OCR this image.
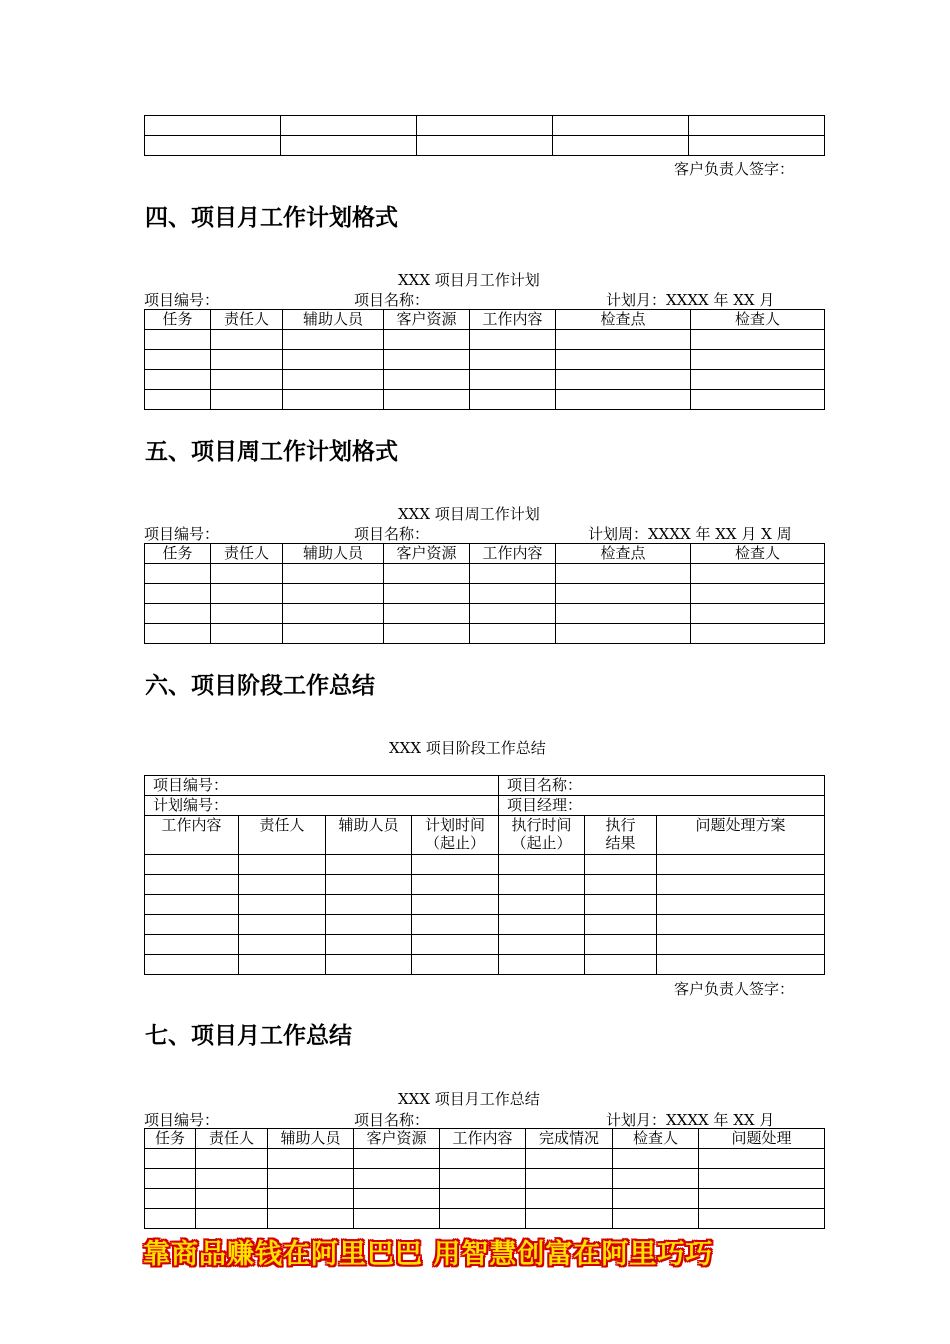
客户负责人签字：
四、项目月工作计划格式
XXX 项目月工作计划
项目编号：	项目名称：	计划月：XXXX 年 XX 月
任务	责任人	辅助人员	客户资源	工作内容	检查点	检查人

五、项目周工作计划格式
XXX 项目周工作计划
项目编号：	项目名称：	计划周：XXXX 年 XX 月 X 周
任务	责任人	辅助人员	客户资源	工作内容	检查点	检查人

六、项目阶段工作总结
XXX 项目阶段工作总结
项目编号：				项目名称：		
计划编号：				项目经理：		
工作内容	责任人	辅助人员	计划时间（起止）	执行时间（起止）	执行结果	问题处理方案

客户负责人签字：
七、项目月工作总结
XXX 项目月工作总结
项目编号：	项目名称：	计划月：XXXX 年 XX 月
任务	责任人	辅助人员	客户资源	工作内容	完成情况	检查人	问题处理

靠商品赚钱在阿里巴巴 用智慧创富在阿里巧巧
